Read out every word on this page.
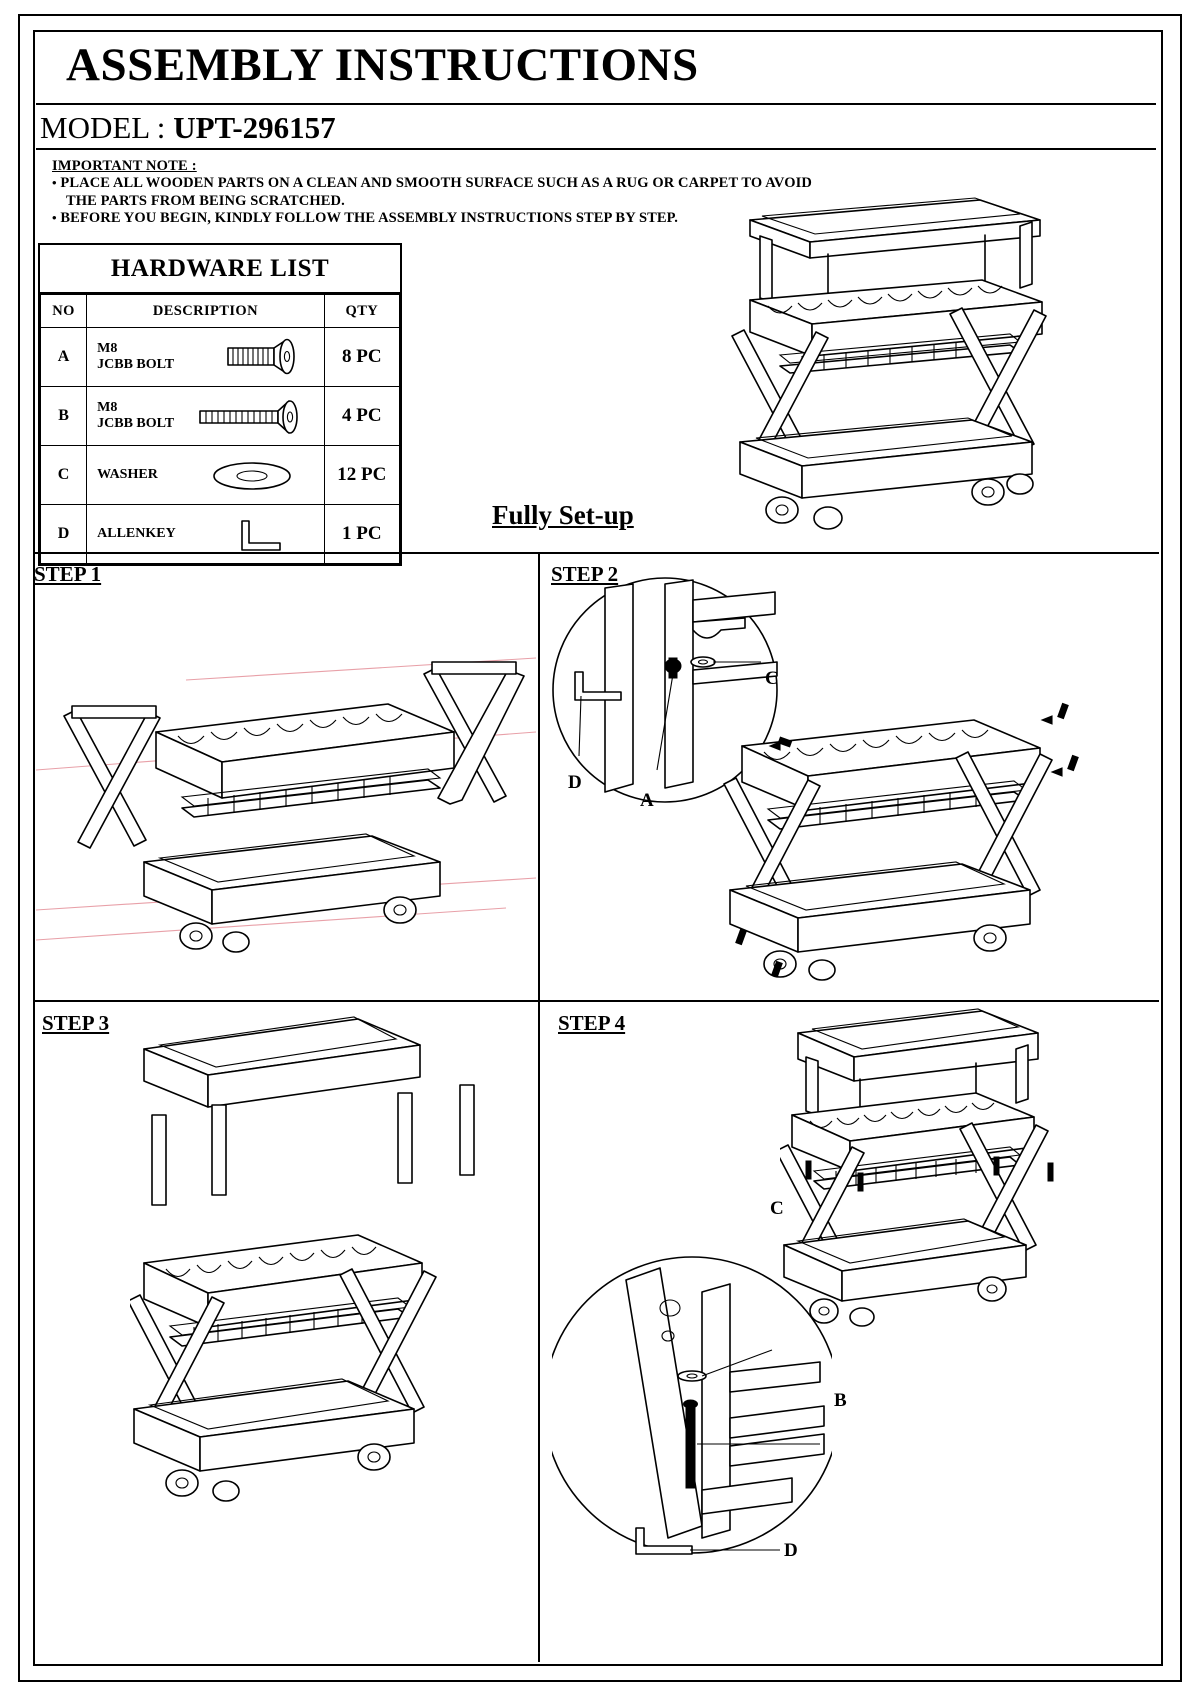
ASSEMBLY INSTRUCTIONS
MODEL : UPT-296157
IMPORTANT NOTE :
• PLACE ALL WOODEN PARTS ON A CLEAN AND SMOOTH SURFACE SUCH AS A RUG OR CARPET TO AVOID
THE PARTS FROM BEING SCRATCHED.
• BEFORE YOU BEGIN, KINDLY FOLLOW THE ASSEMBLY INSTRUCTIONS STEP BY STEP.
HARDWARE LIST
NO	DESCRIPTION	QTY
A	M8
JCBB BOLT	8 PC
B	M8
JCBB BOLT	4 PC
C	WASHER	12 PC
D	ALLENKEY	1 PC
Fully Set-up
STEP 1	STEP 2
C
D
A
STEP 3	STEP 4
C
B
D
